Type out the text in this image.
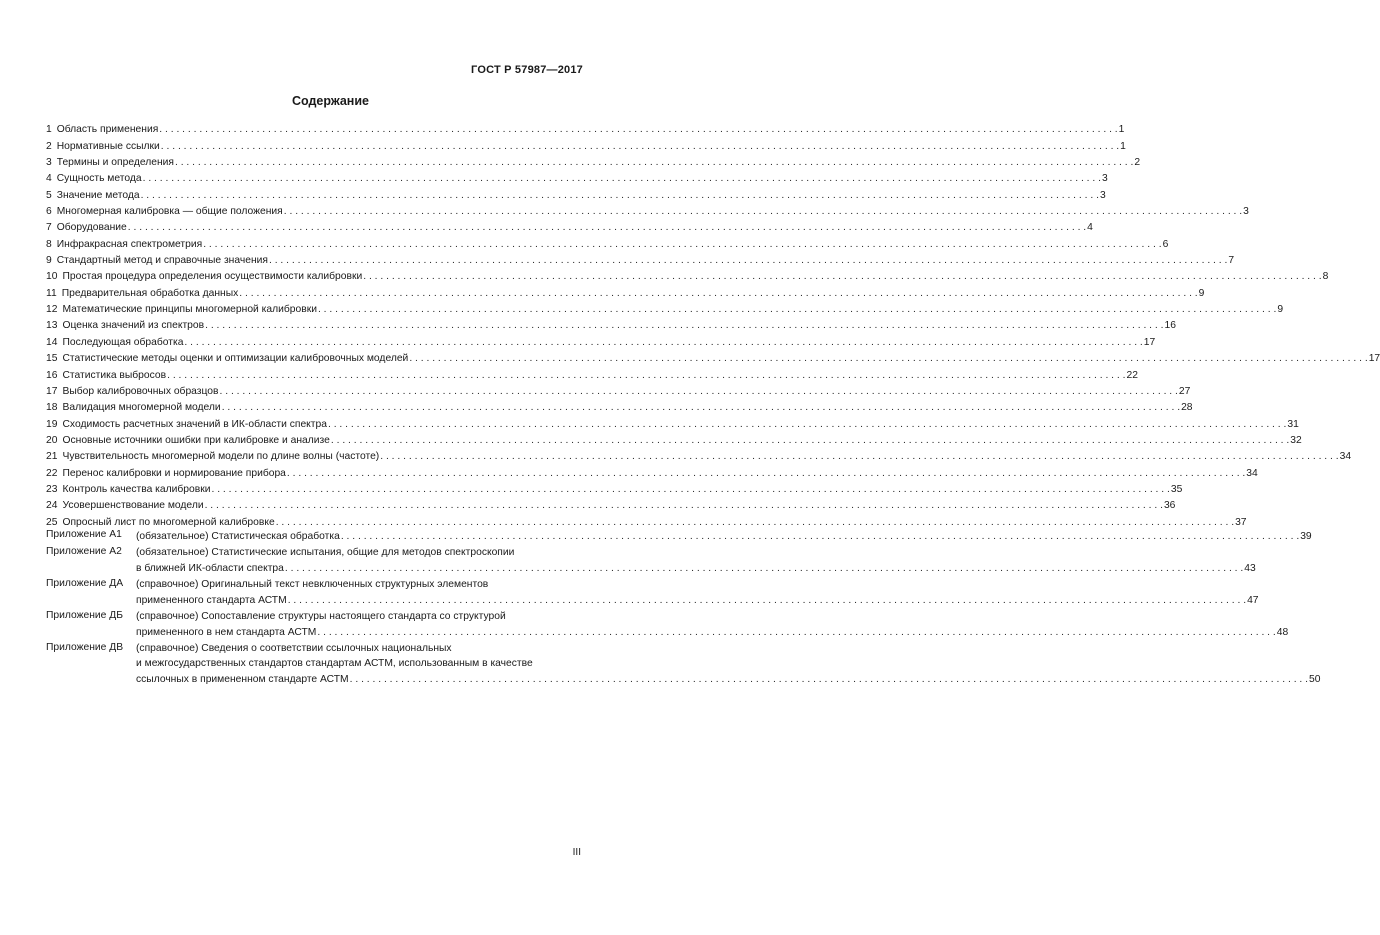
ГОСТ Р 57987—2017
Содержание
1 Область применения . . .	1
2 Нормативные ссылки . . .	1
3 Термины и определения . . .	2
4 Сущность метода . . .	3
5 Значение метода . . .	3
6 Многомерная калибровка — общие положения . . .	3
7 Оборудование . . .	4
8 Инфракрасная спектрометрия . . .	6
9 Стандартный метод и справочные значения . . .	7
10 Простая процедура определения осуществимости калибровки . . .	8
11 Предварительная обработка данных . . .	9
12 Математические принципы многомерной калибровки . . .	9
13 Оценка значений из спектров . . .	16
14 Последующая обработка . . .	17
15 Статистические методы оценки и оптимизации калибровочных моделей . . .	17
16 Статистика выбросов . . .	22
17 Выбор калибровочных образцов . . .	27
18 Валидация многомерной модели . . .	28
19 Сходимость расчетных значений в ИК-области спектра . . .	31
20 Основные источники ошибки при калибровке и анализе . . .	32
21 Чувствительность многомерной модели по длине волны (частоте) . . .	34
22 Перенос калибровки и нормирование прибора . . .	34
23 Контроль качества калибровки . . .	35
24 Усовершенствование модели . . .	36
25 Опросный лист по многомерной калибровке . . .	37
Приложение А1	(обязательное) Статистическая обработка . . .	39
Приложение А2	(обязательное) Статистические испытания, общие для методов спектроскопии
в ближней ИК-области спектра . . .	43
Приложение ДА	(справочное) Оригинальный текст невключенных структурных элементов
примененного стандарта АСТМ . . .	47
Приложение ДБ	(справочное) Сопоставление структуры настоящего стандарта со структурой
примененного в нем стандарта АСТМ . . .	48
Приложение ДВ	(справочное) Сведения о соответствии ссылочных национальных
и межгосударственных стандартов стандартам АСТМ, использованным в качестве
ссылочных в примененном стандарте АСТМ . . .	50
III
